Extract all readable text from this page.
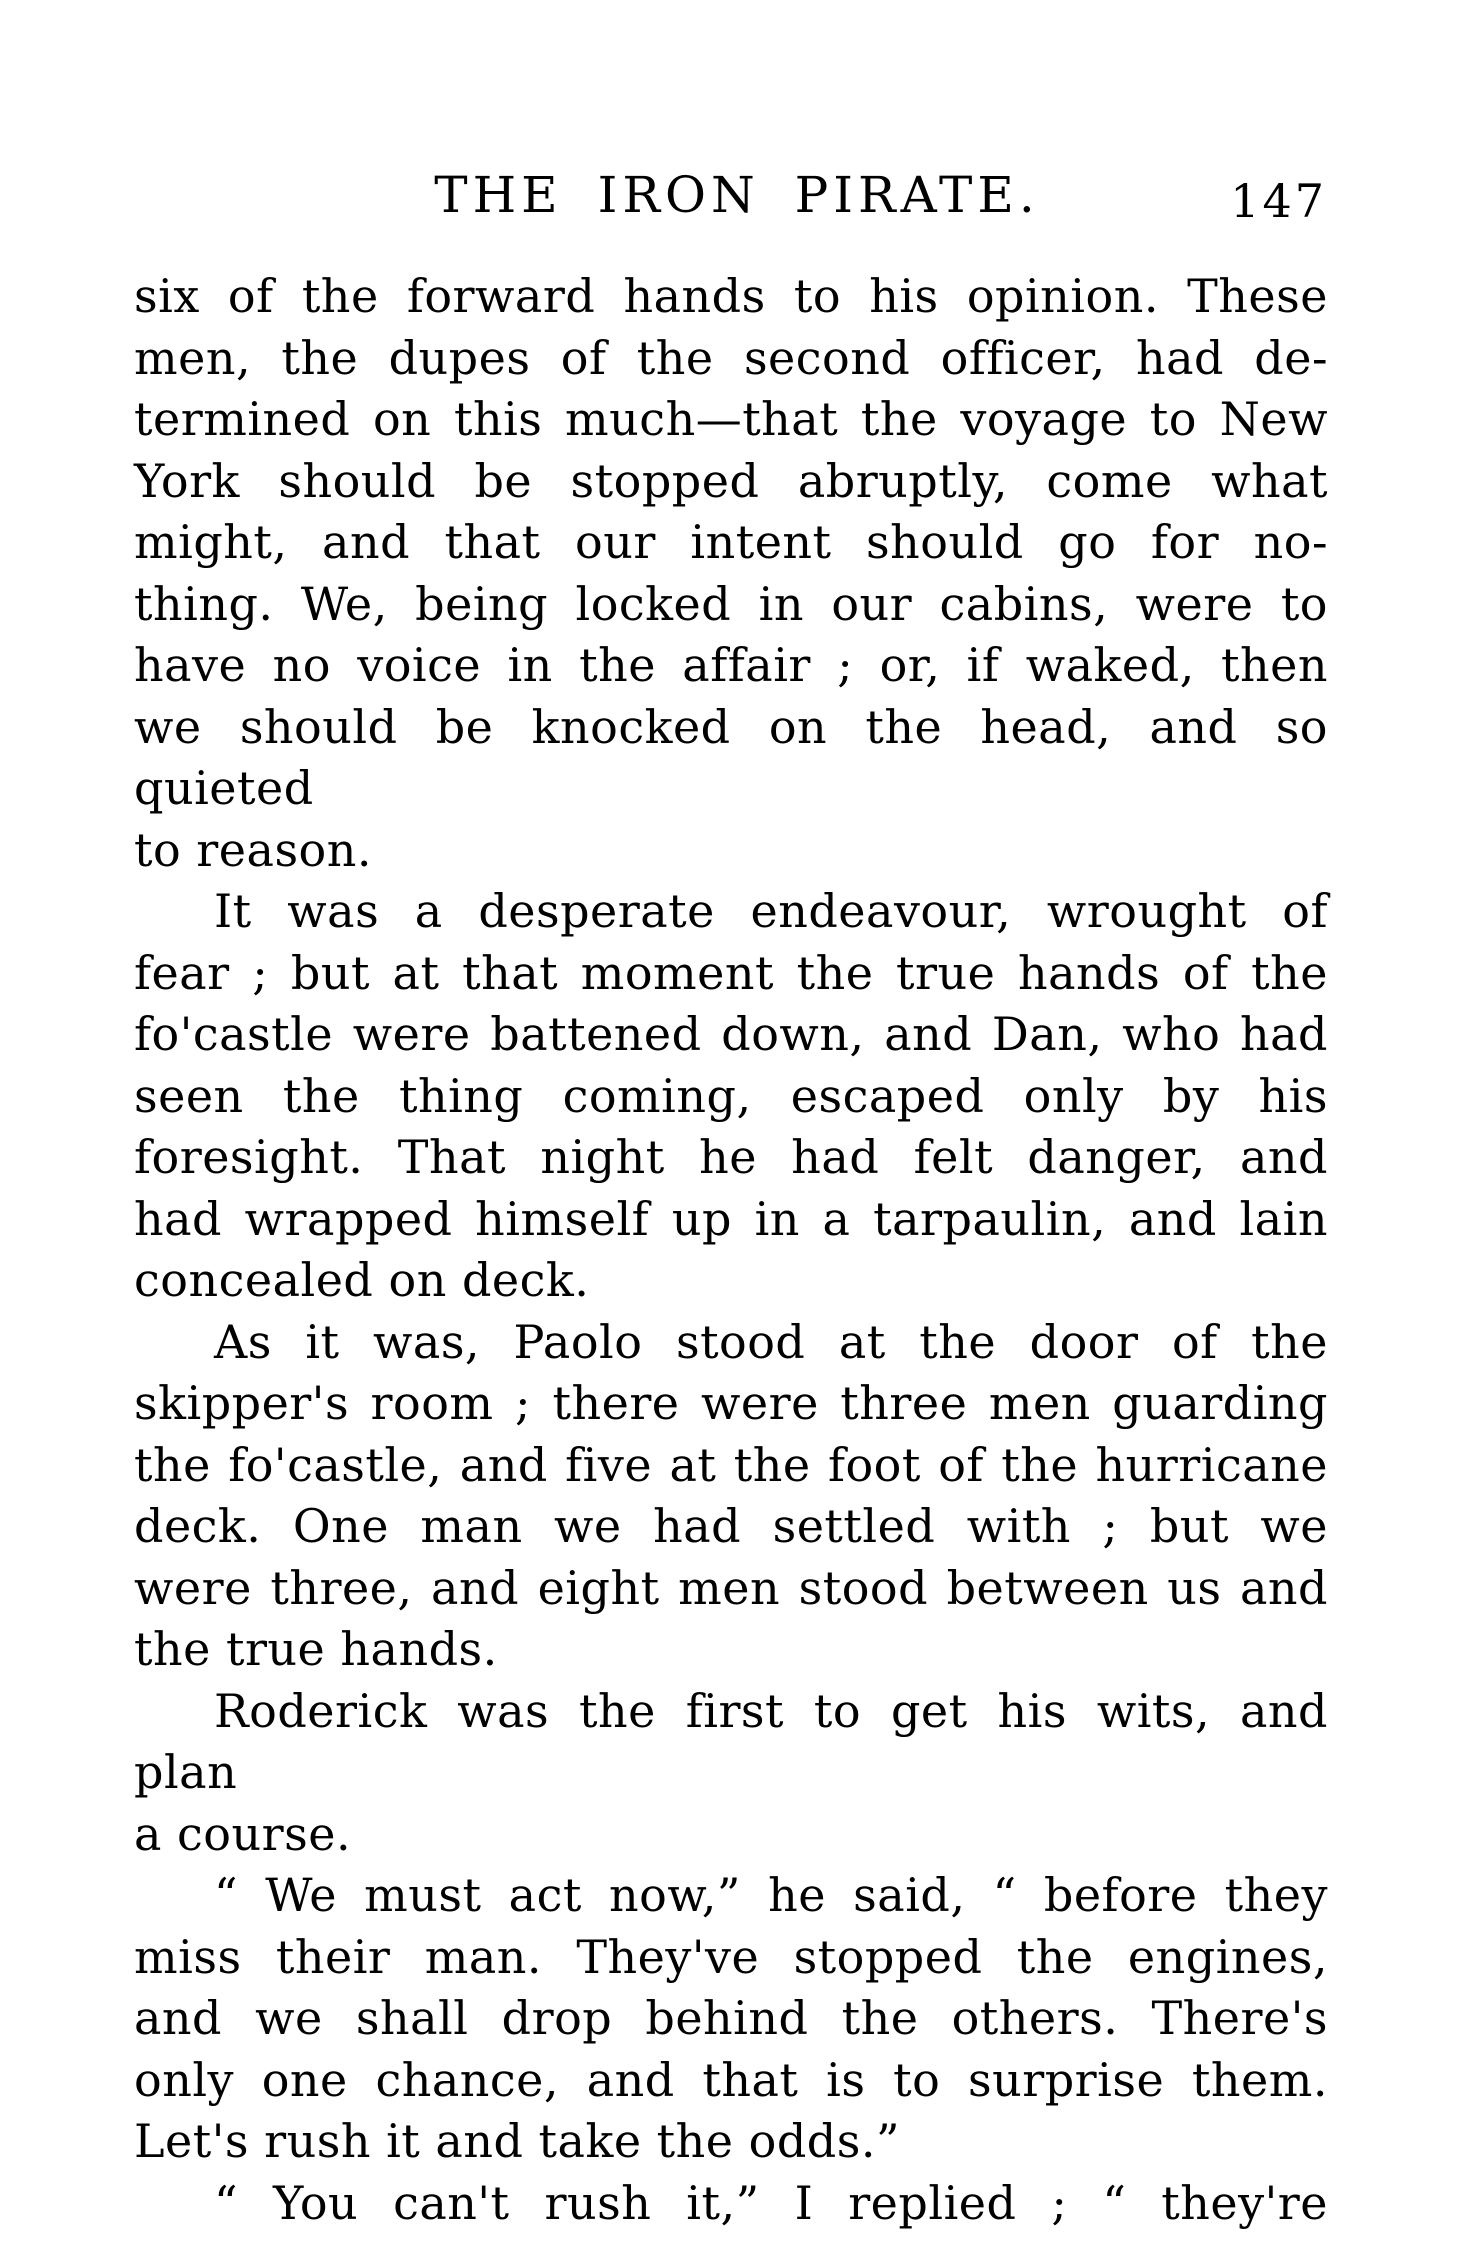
THE IRON PIRATE.	147
six of the forward hands to his opinion. These
men, the dupes of the second officer, had de-
termined on this much—that the voyage to New
York should be stopped abruptly, come what
might, and that our intent should go for no-
thing. We, being locked in our cabins, were to
have no voice in the affair ; or, if waked, then
we should be knocked on the head, and so quieted
to reason.
It was a desperate endeavour, wrought of
fear ; but at that moment the true hands of the
fo'castle were battened down, and Dan, who had
seen the thing coming, escaped only by his
foresight. That night he had felt danger, and
had wrapped himself up in a tarpaulin, and lain
concealed on deck.
As it was, Paolo stood at the door of the
skipper's room ; there were three men guarding
the fo'castle, and five at the foot of the hurricane
deck. One man we had settled with ; but we
were three, and eight men stood between us and
the true hands.
Roderick was the first to get his wits, and plan
a course.
“ We must act now,” he said, “ before they
miss their man. They've stopped the engines,
and we shall drop behind the others. There's
only one chance, and that is to surprise them.
Let's rush it and take the odds.”
“ You can't rush it,” I replied ; “ they're
